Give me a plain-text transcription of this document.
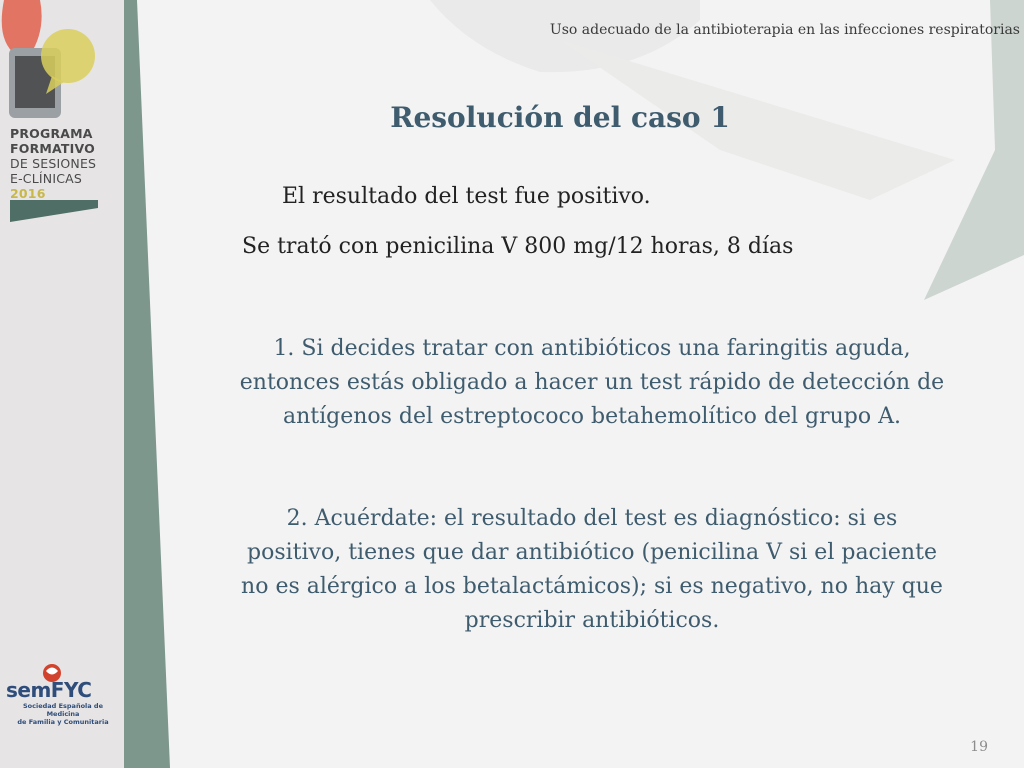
Uso adecuado de la antibioterapia en las infecciones respiratorias
Resolución del caso 1
El resultado del test fue positivo.
Se trató con penicilina V 800 mg/12 horas, 8 días
1. Si decides tratar con antibióticos una faringitis aguda,
entonces estás obligado a hacer un test rápido de detección de
antígenos del estreptococo betahemolítico del grupo A.
2. Acuérdate: el resultado del test es diagnóstico: si es
positivo, tienes que dar antibiótico (penicilina V si el paciente
no es alérgico a los betalactámicos); si es negativo, no hay que
prescribir antibióticos.
PROGRAMA
FORMATIVO
DE SESIONES
E-CLÍNICAS
2016
semFYC
Sociedad Española de Medicina
de Familia y Comunitaria
19
